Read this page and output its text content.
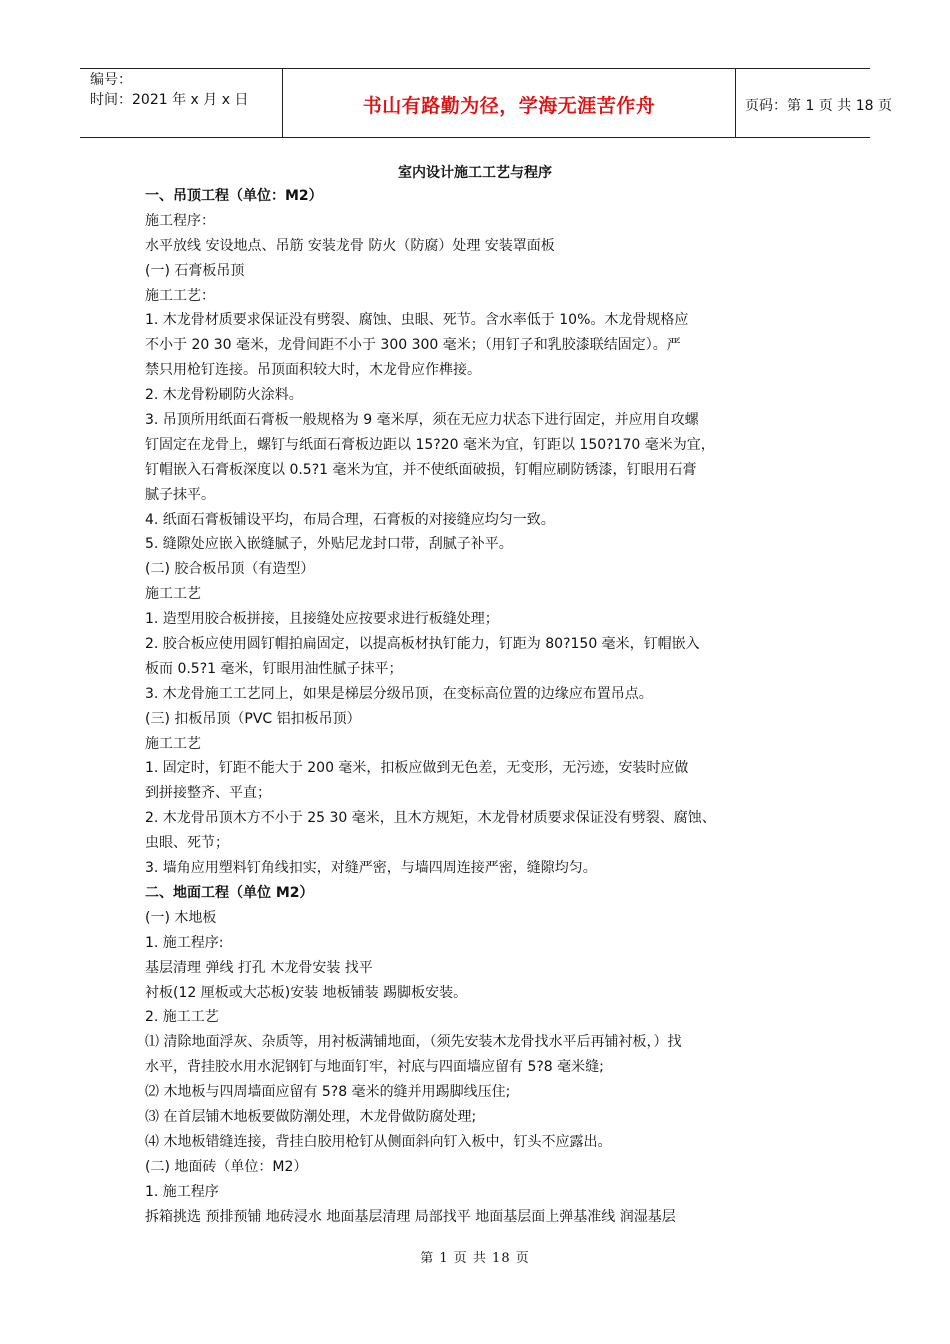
编号：
时间：2021 年 x 月 x 日	书山有路勤为径，学海无涯苦作舟	页码：第 1 页 共 18 页
室内设计施工工艺与程序
一、吊顶工程（单位：M2）
施工程序：
水平放线 安设地点、吊筋 安装龙骨 防火（防腐）处理 安装罩面板
(一) 石膏板吊顶
施工工艺：
1. 木龙骨材质要求保证没有劈裂、腐蚀、虫眼、死节。含水率低于 10%。木龙骨规格应
不小于 20 30 毫米，龙骨间距不小于 300 300 毫米；（用钉子和乳胶漆联结固定）。严
禁只用枪钉连接。吊顶面积较大时，木龙骨应作榫接。
2. 木龙骨粉刷防火涂料。
3. 吊顶所用纸面石膏板一般规格为 9 毫米厚，须在无应力状态下进行固定，并应用自攻螺
钉固定在龙骨上，螺钉与纸面石膏板边距以 15?20 毫米为宜，钉距以 150?170 毫米为宜，
钉帽嵌入石膏板深度以 0.5?1 毫米为宜，并不使纸面破损，钉帽应刷防锈漆，钉眼用石膏
腻子抹平。
4. 纸面石膏板铺设平均，布局合理，石膏板的对接缝应均匀一致。
5. 缝隙处应嵌入嵌缝腻子，外贴尼龙封口带，刮腻子补平。
(二) 胶合板吊顶（有造型）
施工工艺
1. 造型用胶合板拼接，且接缝处应按要求进行板缝处理；
2. 胶合板应使用圆钉帽拍扁固定，以提高板材执钉能力，钉距为 80?150 毫米，钉帽嵌入
板而 0.5?1 毫米，钉眼用油性腻子抹平；
3. 木龙骨施工工艺同上，如果是梯层分级吊顶，在变标高位置的边缘应布置吊点。
(三) 扣板吊顶（PVC 铝扣板吊顶）
施工工艺
1. 固定时，钉距不能大于 200 毫米，扣板应做到无色差，无变形，无污迹，安装时应做
到拼接整齐、平直；
2. 木龙骨吊顶木方不小于 25 30 毫米，且木方规矩，木龙骨材质要求保证没有劈裂、腐蚀、
虫眼、死节；
3. 墙角应用塑料钉角线扣实，对缝严密，与墙四周连接严密，缝隙均匀。
二、地面工程（单位 M2）
(一) 木地板
1. 施工程序:
基层清理 弹线 打孔 木龙骨安装 找平
衬板(12 厘板或大芯板)安装 地板铺装 踢脚板安装。
2. 施工工艺
⑴ 清除地面浮灰、杂质等，用衬板满铺地面，（须先安装木龙骨找水平后再铺衬板，）找
水平，背挂胶水用水泥钢钉与地面钉牢，衬底与四面墙应留有 5?8 毫米缝;
⑵ 木地板与四周墙面应留有 5?8 毫米的缝并用踢脚线压住;
⑶ 在首层铺木地板要做防潮处理，木龙骨做防腐处理;
⑷ 木地板错缝连接，背挂白胶用枪钉从侧面斜向钉入板中，钉头不应露出。
(二) 地面砖（单位：M2）
1. 施工程序
拆箱挑选 预排预铺 地砖浸水 地面基层清理 局部找平 地面基层面上弹基准线 润湿基层
第 1 页 共 18 页
